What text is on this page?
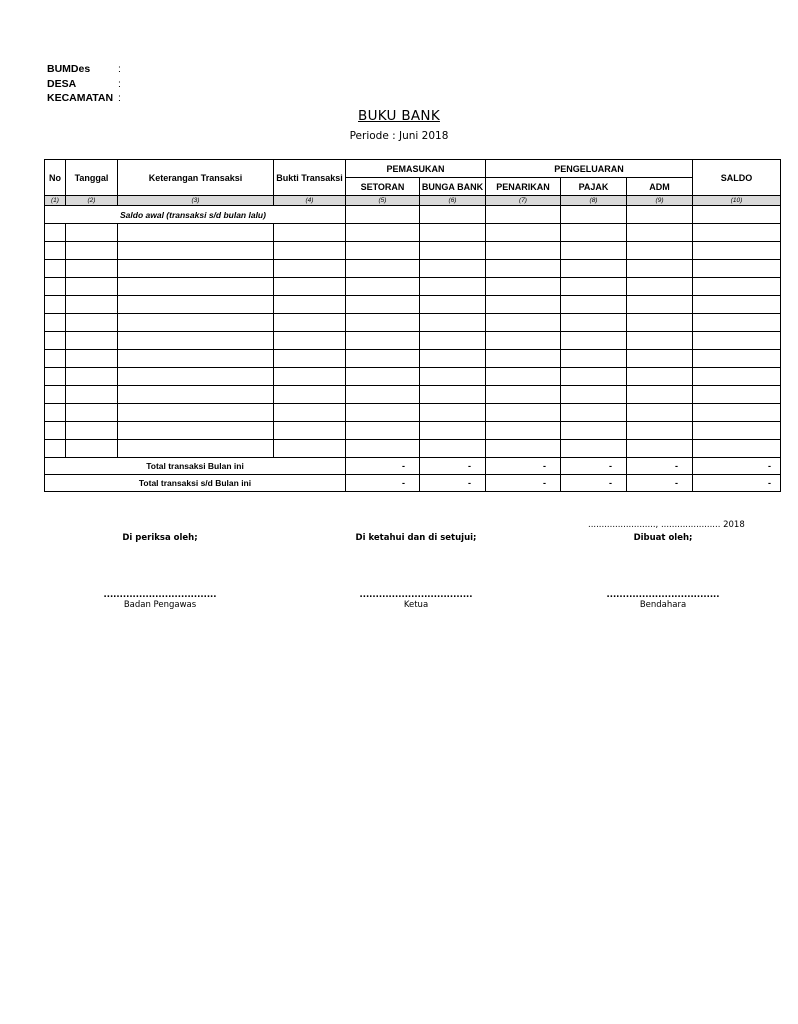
BUMDes	:
DESA	:
KECAMATAN :
BUKU BANK
Periode : Juni 2018
No	Tanggal	Keterangan Transaksi	Bukti Transaksi	PEMASUKAN		PENGELUARAN			SALDO
				SETORAN	BUNGA BANK	PENARIKAN	PAJAK	ADM	
(1)	(2)	(3)	(4)	(5)	(6)	(7)	(8)	(9)	(10)
Saldo awal (transaksi s/d bulan lalu)									

Total transaksi Bulan ini				-	-	-	-	-	-
Total transaksi s/d Bulan ini				-	-	-	-	-	-
........................., ...................... 2018
Di periksa oleh;
...................................
Badan Pengawas
Di ketahui dan di setujui;
...................................
Ketua
Dibuat oleh;
...................................
Bendahara
